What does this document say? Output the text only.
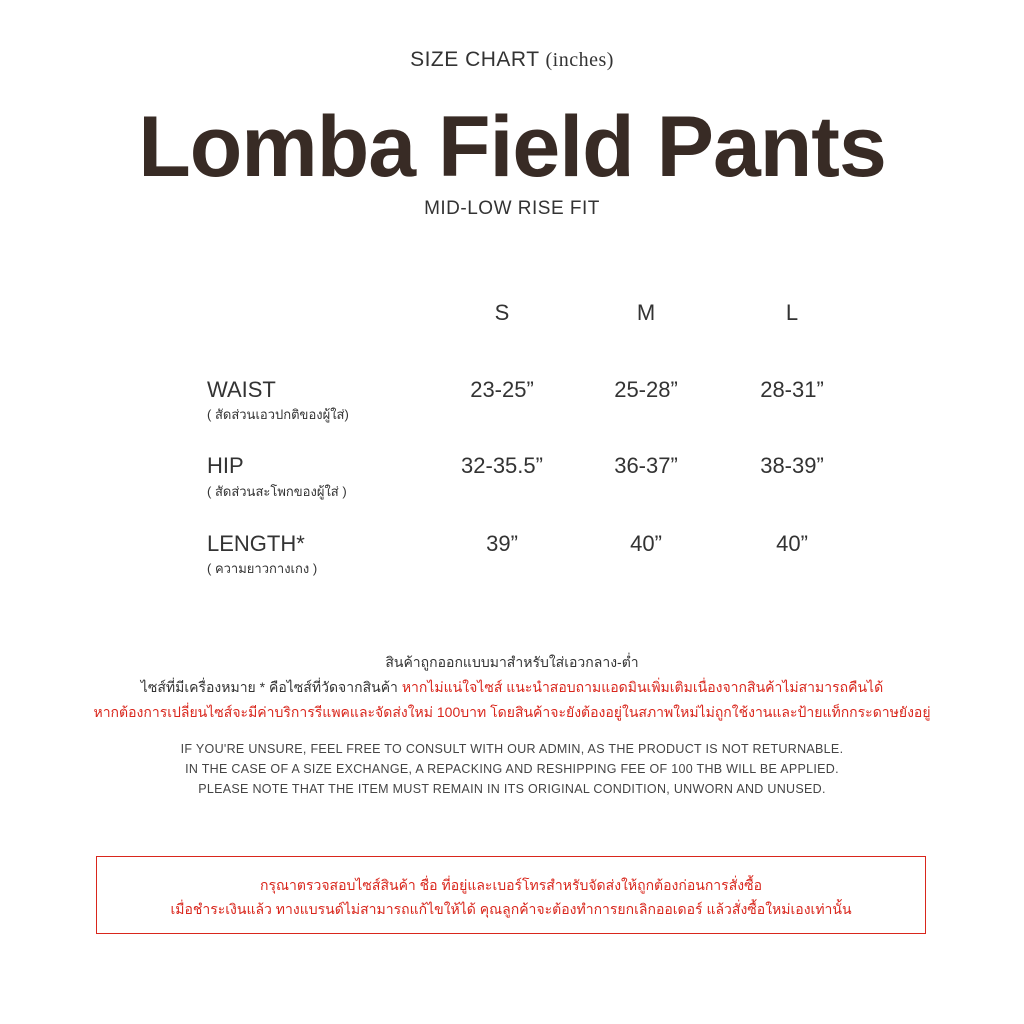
SIZE CHART (inches)
Lomba Field Pants
MID-LOW RISE FIT
S	M	L
WAIST
( สัดส่วนเอวปกติของผู้ใส่)
23-25”	25-28”	28-31”
HIP
( สัดส่วนสะโพกของผู้ใส่ )
32-35.5”	36-37”	38-39”
LENGTH*
( ความยาวกางเกง )
39”	40”	40”
สินค้าถูกออกแบบมาสำหรับใส่เอวกลาง-ต่ำ
ไซส์ที่มีเครื่องหมาย * คือไซส์ที่วัดจากสินค้า หากไม่แน่ใจไซส์ แนะนำสอบถามแอดมินเพิ่มเติมเนื่องจากสินค้าไม่สามารถคืนได้
หากต้องการเปลี่ยนไซส์จะมีค่าบริการรีแพคและจัดส่งใหม่ 100บาท โดยสินค้าจะยังต้องอยู่ในสภาพใหม่ไม่ถูกใช้งานและป้ายแท็กกระดาษยังอยู่
IF YOU'RE UNSURE, FEEL FREE TO CONSULT WITH OUR ADMIN, AS THE PRODUCT IS NOT RETURNABLE.
IN THE CASE OF A SIZE EXCHANGE, A REPACKING AND RESHIPPING FEE OF 100 THB WILL BE APPLIED.
PLEASE NOTE THAT THE ITEM MUST REMAIN IN ITS ORIGINAL CONDITION, UNWORN AND UNUSED.
กรุณาตรวจสอบไซส์สินค้า ชื่อ ที่อยู่และเบอร์โทรสำหรับจัดส่งให้ถูกต้องก่อนการสั่งซื้อ
เมื่อชำระเงินแล้ว ทางแบรนด์ไม่สามารถแก้ไขให้ได้ คุณลูกค้าจะต้องทำการยกเลิกออเดอร์ แล้วสั่งซื้อใหม่เองเท่านั้น
